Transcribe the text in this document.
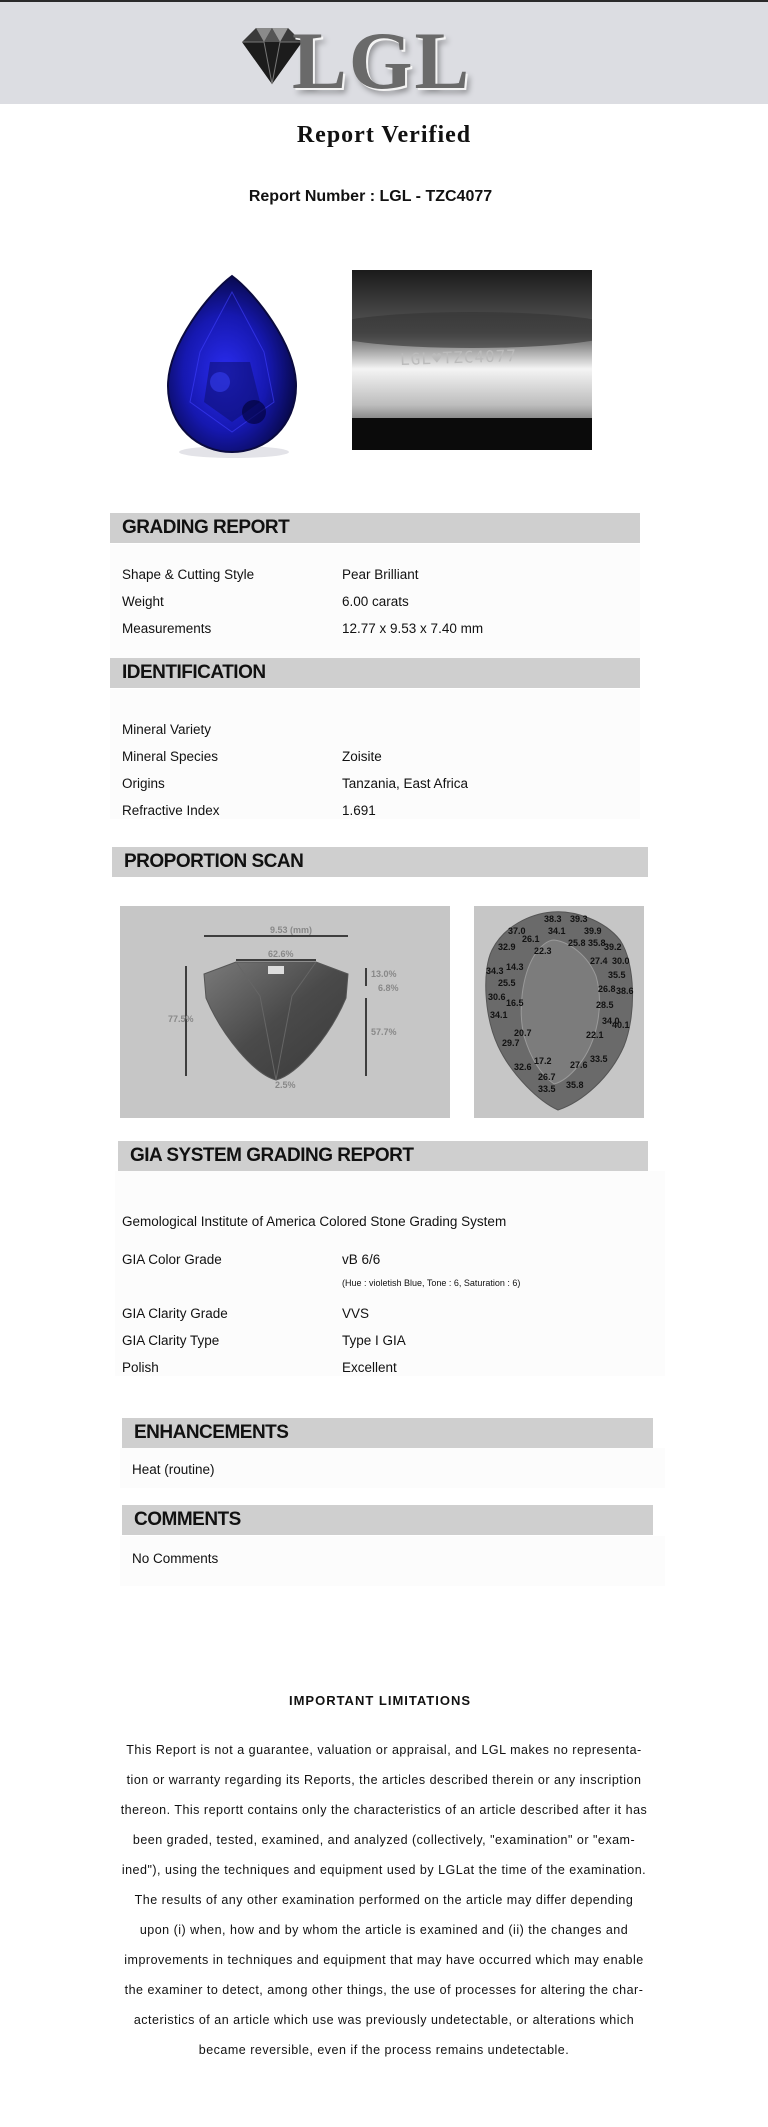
LGL
Report Verified
Report Number : LGL - TZC4077
LGL♥TZC4077
GRADING REPORT
Shape & Cutting Style	Pear Brilliant
Weight	6.00 carats
Measurements	12.77 x 9.53 x 7.40 mm
IDENTIFICATION
Mineral Variety
Mineral Species	Zoisite
Origins	Tanzania, East Africa
Refractive Index	1.691
PROPORTION SCAN
9.53 (mm)
62.6%
77.5%
13.0%
6.8%
57.7%
2.5%
38.3 39.3
37.0 34.1 39.9
32.9
26.1	25.8 35.8
39.2
22.3
27.4 30.0
34.3 14.3
35.5
25.5
26.8 38.6
30.6
16.5	28.5
34.1
34.0
40.1
20.7	22.1
29.7
33.5
32.6
17.2 27.6
26.7
33.5 35.8
GIA SYSTEM GRADING REPORT
Gemological Institute of America Colored Stone Grading System
GIA Color Grade	vB 6/6
(Hue : violetish Blue, Tone : 6, Saturation : 6)
GIA Clarity Grade	VVS
GIA Clarity Type	Type I GIA
Polish	Excellent
ENHANCEMENTS
Heat (routine)
COMMENTS
No Comments
IMPORTANT LIMITATIONS
This Report is not a guarantee, valuation or appraisal, and LGL makes no representa-
tion or warranty regarding its Reports, the articles described therein or any inscription
thereon. This reportt contains only the characteristics of an article described after it has
been graded, tested, examined, and analyzed (collectively, "examination" or "exam-
ined"), using the techniques and equipment used by LGLat the time of the examination.
The results of any other examination performed on the article may differ depending
upon (i) when, how and by whom the article is examined and (ii) the changes and
improvements in techniques and equipment that may have occurred which may enable
the examiner to detect, among other things, the use of processes for altering the char-
acteristics of an article which use was previously undetectable, or alterations which
became reversible, even if the process remains undetectable.
